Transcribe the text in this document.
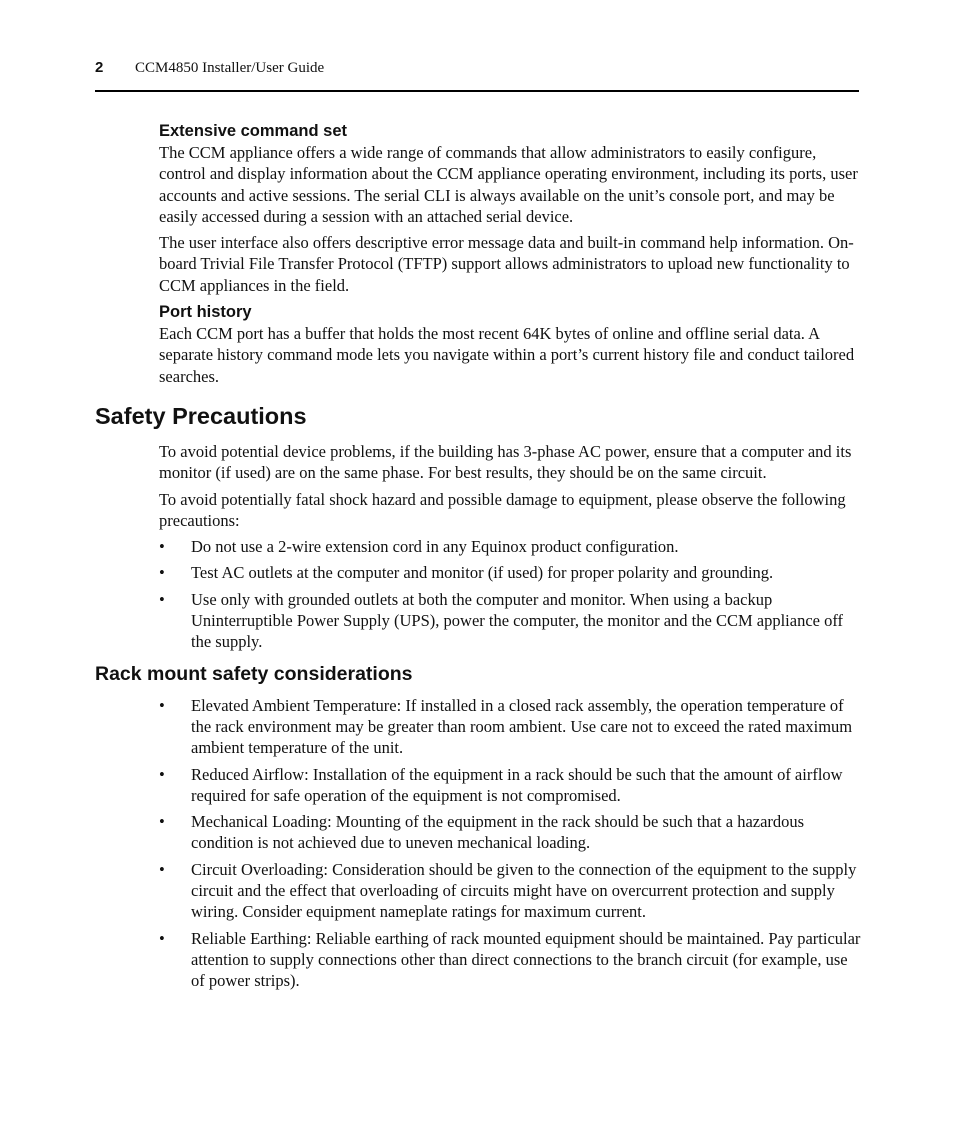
2 CCM4850 Installer/User Guide
Extensive command set

The CCM appliance offers a wide range of commands that allow administrators to easily configure, control and display information about the CCM appliance operating environment, including its ports, user accounts and active sessions. The serial CLI is always available on the unit’s console port, and may be easily accessed during a session with an attached serial device.

The user interface also offers descriptive error message data and built-in command help information. On-board Trivial File Transfer Protocol (TFTP) support allows administrators to upload new functionality to CCM appliances in the field.

Port history

Each CCM port has a buffer that holds the most recent 64K bytes of online and offline serial data. A separate history command mode lets you navigate within a port’s current history file and conduct tailored searches.

Safety Precautions

To avoid potential device problems, if the building has 3-phase AC power, ensure that a computer and its monitor (if used) are on the same phase. For best results, they should be on the same circuit.

To avoid potentially fatal shock hazard and possible damage to equipment, please observe the following precautions:

• Do not use a 2-wire extension cord in any Equinox product configuration.
• Test AC outlets at the computer and monitor (if used) for proper polarity and grounding.
• Use only with grounded outlets at both the computer and monitor. When using a backup Uninterruptible Power Supply (UPS), power the computer, the monitor and the CCM appliance off the supply.
Rack mount safety considerations
• Elevated Ambient Temperature: If installed in a closed rack assembly, the operation temperature of the rack environment may be greater than room ambient. Use care not to exceed the rated maximum ambient temperature of the unit.
• Reduced Airflow: Installation of the equipment in a rack should be such that the amount of airflow required for safe operation of the equipment is not compromised.
• Mechanical Loading: Mounting of the equipment in the rack should be such that a hazardous condition is not achieved due to uneven mechanical loading.
• Circuit Overloading: Consideration should be given to the connection of the equipment to the supply circuit and the effect that overloading of circuits might have on overcurrent protection and supply wiring. Consider equipment nameplate ratings for maximum current.
• Reliable Earthing: Reliable earthing of rack mounted equipment should be maintained. Pay particular attention to supply connections other than direct connections to the branch circuit (for example, use of power strips).
